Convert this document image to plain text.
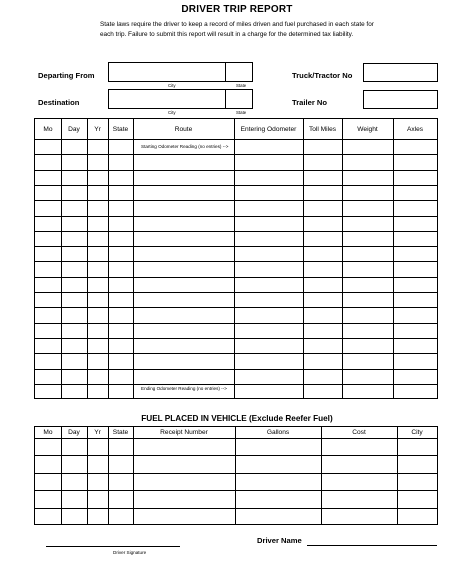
DRIVER TRIP REPORT
State laws require the driver to keep a record of miles driven and fuel purchased in each state for
each trip. Failure to submit this report will result in a charge for the determined tax liability.
Departing From
City	State
Truck/Tractor No
Destination
City	State
Trailer No
Mo	Day	Yr	State	Route	Entering Odometer	Toll Miles	Weight	Axles
Starting Odometer Reading (no entries) -->
Ending Odometer Reading (no entries) -->
FUEL PLACED IN VEHICLE (Exclude Reefer Fuel)
Mo	Day	Yr	State	Receipt Number	Gallons	Cost	City
Driver Signature
Driver Name
